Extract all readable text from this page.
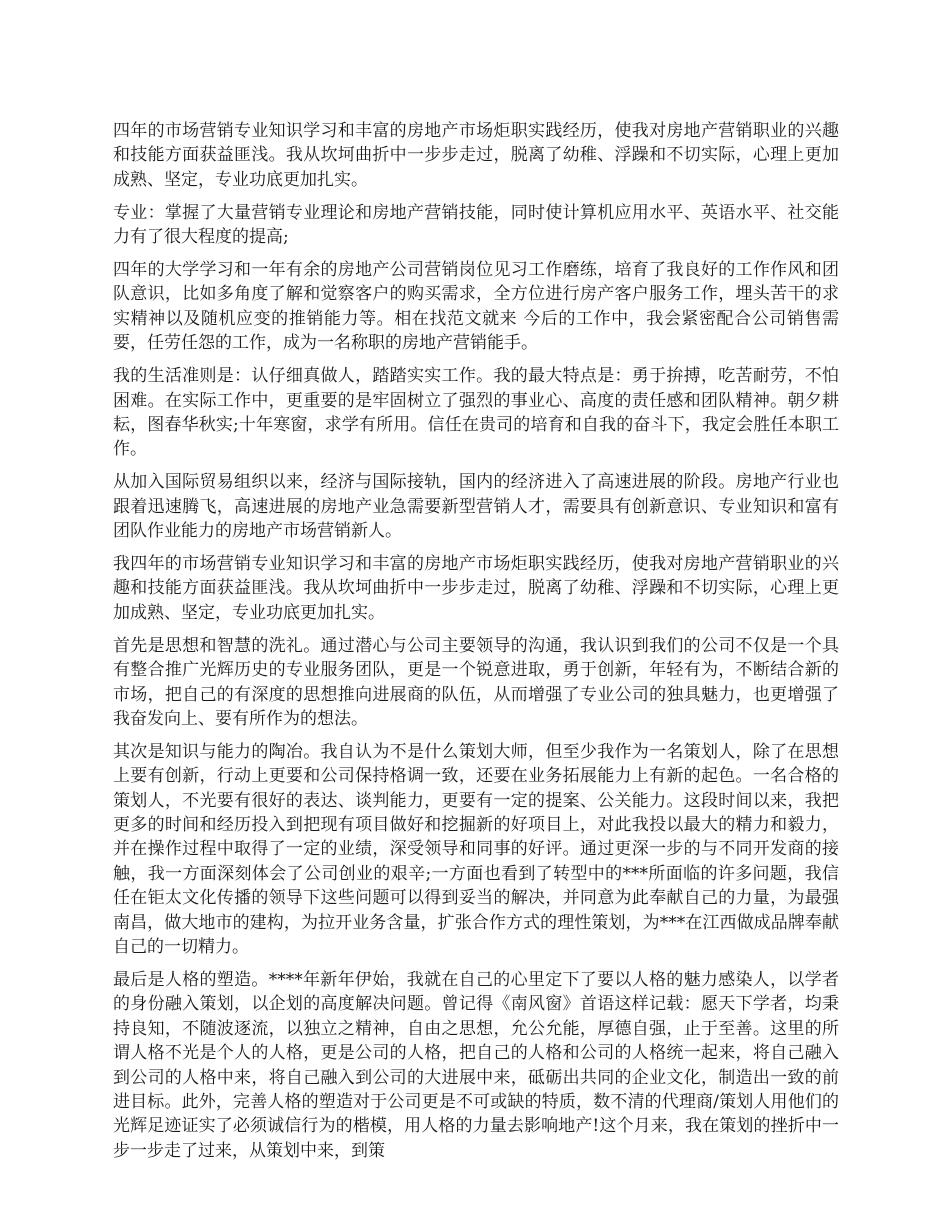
四年的市场营销专业知识学习和丰富的房地产市场炬职实践经历，使我对房地产营销职业的兴趣和技能方面获益匪浅。我从坎坷曲折中一步步走过，脱离了幼稚、浮躁和不切实际，心理上更加成熟、坚定，专业功底更加扎实。

专业：掌握了大量营销专业理论和房地产营销技能，同时使计算机应用水平、英语水平、社交能力有了很大程度的提高;

四年的大学学习和一年有余的房地产公司营销岗位见习工作磨练，培育了我良好的工作作风和团队意识，比如多角度了解和觉察客户的购买需求，全方位进行房产客户服务工作，埋头苦干的求实精神以及随机应变的推销能力等。相在找范文就来 今后的工作中，我会紧密配合公司销售需要，任劳任怨的工作，成为一名称职的房地产营销能手。

我的生活准则是：认仔细真做人，踏踏实实工作。我的最大特点是：勇于拚搏，吃苦耐劳，不怕困难。在实际工作中，更重要的是牢固树立了强烈的事业心、高度的责任感和团队精神。朝夕耕耘，图春华秋实;十年寒窗，求学有所用。信任在贵司的培育和自我的奋斗下，我定会胜任本职工作。

从加入国际贸易组织以来，经济与国际接轨，国内的经济进入了高速进展的阶段。房地产行业也跟着迅速腾飞，高速进展的房地产业急需要新型营销人才，需要具有创新意识、专业知识和富有团队作业能力的房地产市场营销新人。

我四年的市场营销专业知识学习和丰富的房地产市场炬职实践经历，使我对房地产营销职业的兴趣和技能方面获益匪浅。我从坎坷曲折中一步步走过，脱离了幼稚、浮躁和不切实际，心理上更加成熟、坚定，专业功底更加扎实。

首先是思想和智慧的洗礼。通过潜心与公司主要领导的沟通，我认识到我们的公司不仅是一个具有整合推广光辉历史的专业服务团队，更是一个锐意进取，勇于创新，年轻有为，不断结合新的市场，把自己的有深度的思想推向进展商的队伍，从而增强了专业公司的独具魅力，也更增强了我奋发向上、要有所作为的想法。

其次是知识与能力的陶冶。我自认为不是什么策划大师，但至少我作为一名策划人，除了在思想上要有创新，行动上更要和公司保持格调一致，还要在业务拓展能力上有新的起色。一名合格的策划人，不光要有很好的表达、谈判能力，更要有一定的提案、公关能力。这段时间以来，我把更多的时间和经历投入到把现有项目做好和挖掘新的好项目上，对此我投以最大的精力和毅力，并在操作过程中取得了一定的业绩，深受领导和同事的好评。通过更深一步的与不同开发商的接触，我一方面深刻体会了公司创业的艰辛;一方面也看到了转型中的***所面临的许多问题，我信任在钜太文化传播的领导下这些问题可以得到妥当的解决，并同意为此奉献自己的力量，为最强南昌，做大地市的建构，为拉开业务含量，扩张合作方式的理性策划，为***在江西做成品牌奉献自己的一切精力。

最后是人格的塑造。****年新年伊始，我就在自己的心里定下了要以人格的魅力感染人，以学者的身份融入策划，以企划的高度解决问题。曾记得《南风窗》首语这样记载：愿天下学者，均秉持良知，不随波逐流，以独立之精神，自由之思想，允公允能，厚德自强，止于至善。这里的所谓人格不光是个人的人格，更是公司的人格，把自己的人格和公司的人格统一起来，将自己融入到公司的人格中来，将自己融入到公司的大进展中来，砥砺出共同的企业文化，制造出一致的前进目标。此外，完善人格的塑造对于公司更是不可或缺的特质，数不清的代理商/策划人用他们的光辉足迹证实了必须诚信行为的楷模，用人格的力量去影响地产!这个月来，我在策划的挫折中一步一步走了过来，从策划中来，到策
